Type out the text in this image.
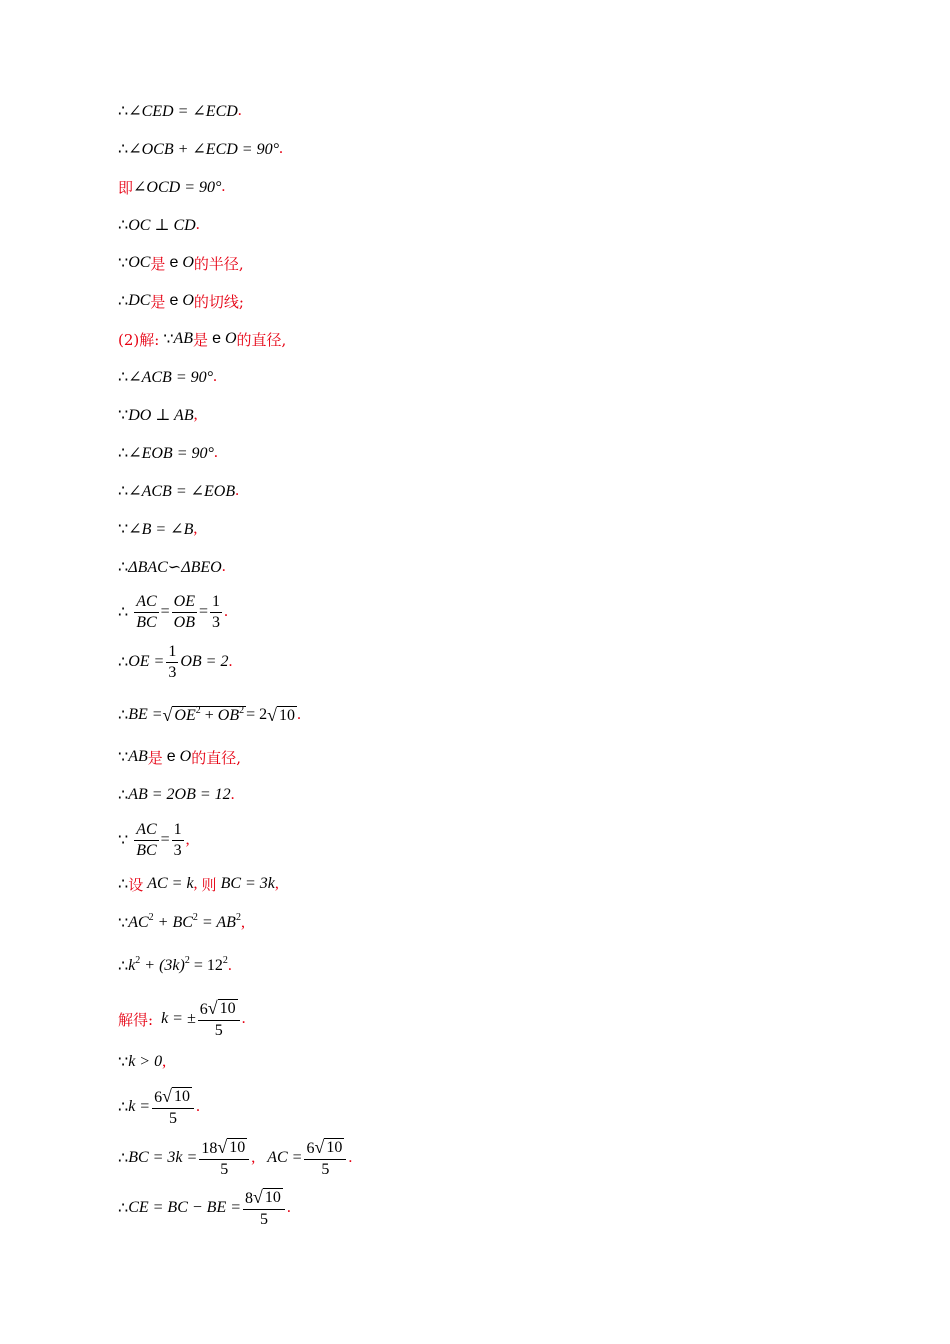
∴ ∠CED = ∠ECD .
∴ ∠OCB + ∠ECD = 90° .
即 ∠OCD = 90° .
∴ OC ⊥ CD .
∵ OC 是 e O 的半径,
∴ DC 是 e O 的切线;
(2)解: ∵ AB 是 e O 的直径,
∴ ∠ACB = 90° .
∵ DO ⊥ AB ,
∴ ∠EOB = 90° .
∴ ∠ACB = ∠EOB .
∵ ∠B = ∠B ,
∴ ΔBAC∽ΔBEO .
∴ $\frac{AC}{BC} = \frac{OE}{OB} = \frac{1}{3}$ .
∴ OE = $\frac{1}{3}$ OB = 2 .
∴ BE = √ $OE^2 + OB^2 = 2$ √ 10 .
∵ AB 是 e O 的直径,
∴ AB = 2OB = 12 .
∵ $\frac{AC}{BC} = \frac{1}{3}$ ,
∴ 设 AC = k , 则 BC = 3k ,
∵ $AC^2 + BC^2 = AB^2$ ,
∴ $k^2 + (3k)^2 = 12^2$ .
解得: k = ± $\frac{6 √ 10}{5}$ .
∵ k > 0 ,
∴ $k = \frac{6 √ 10}{5}$ .
∴ BC = $3k = \frac{18 √ 10}{5}$ , AC = $\frac{6 √ 10}{5}$ .
∴ CE = BC − BE = $\frac{8 √ 10}{5}$ .
